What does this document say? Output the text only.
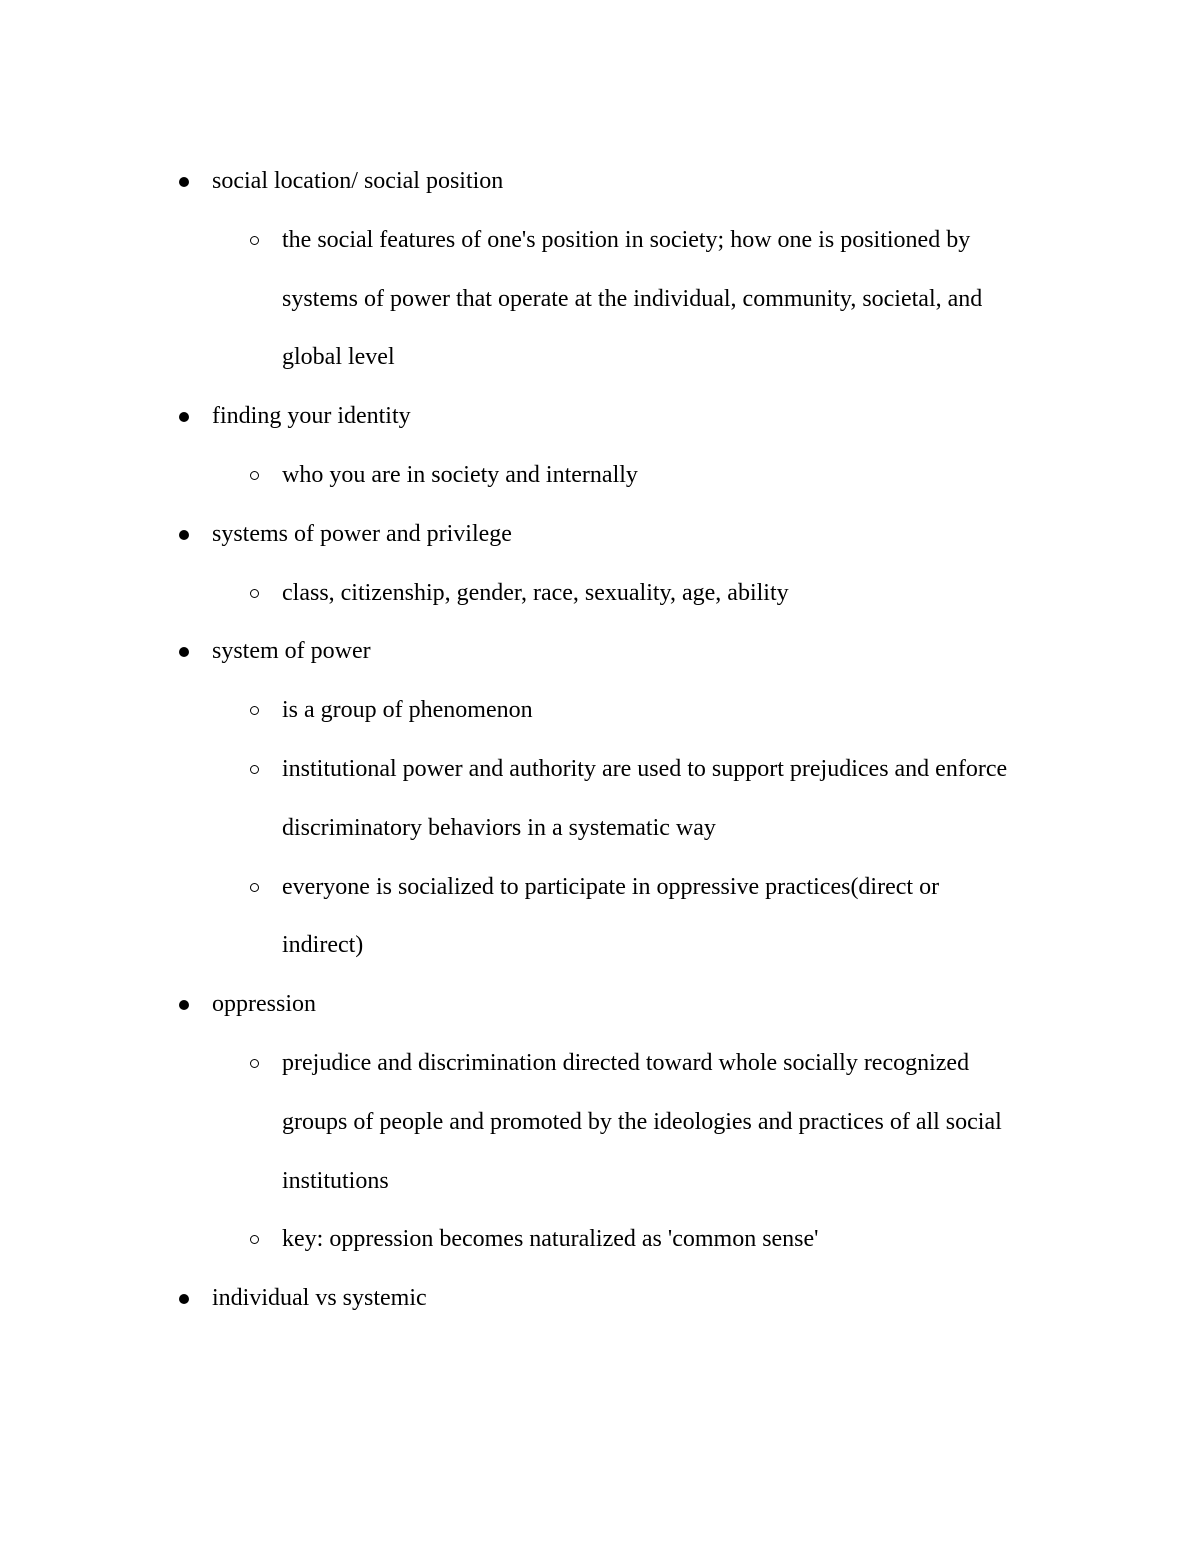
social location/ social position
the social features of one's position in society; how one is positioned by
systems of power that operate at the individual, community, societal, and
global level
finding your identity
who you are in society and internally
systems of power and privilege
class, citizenship, gender, race, sexuality, age, ability
system of power
is a group of phenomenon
institutional power and authority are used to support prejudices and enforce
discriminatory behaviors in a systematic way
everyone is socialized to participate in oppressive practices(direct or
indirect)
oppression
prejudice and discrimination directed toward whole socially recognized
groups of people and promoted by the ideologies and practices of all social
institutions
key: oppression becomes naturalized as 'common sense'
individual vs systemic
